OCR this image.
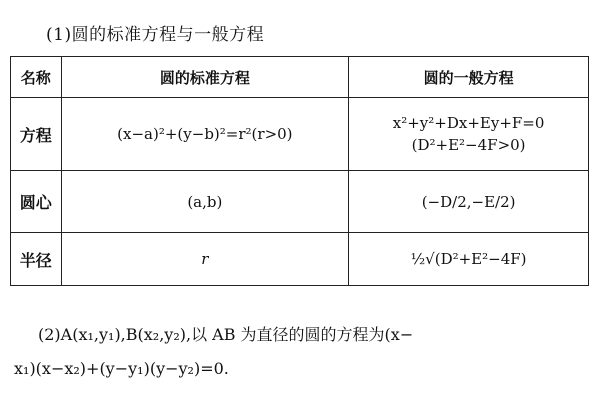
(1)圆的标准方程与一般方程
名称	圆的标准方程	圆的一般方程
方程	(x−a)²+(y−b)²=r²(r>0)	x²+y²+Dx+Ey+F=0
(D²+E²−4F>0)

圆心	(a,b)	(−D/2,−E/2)
半径	r	½√(D²+E²−4F)
(2)A(x₁,y₁),B(x₂,y₂),以 AB 为直径的圆的方程为(x−
x₁)(x−x₂)+(y−y₁)(y−y₂)=0.
